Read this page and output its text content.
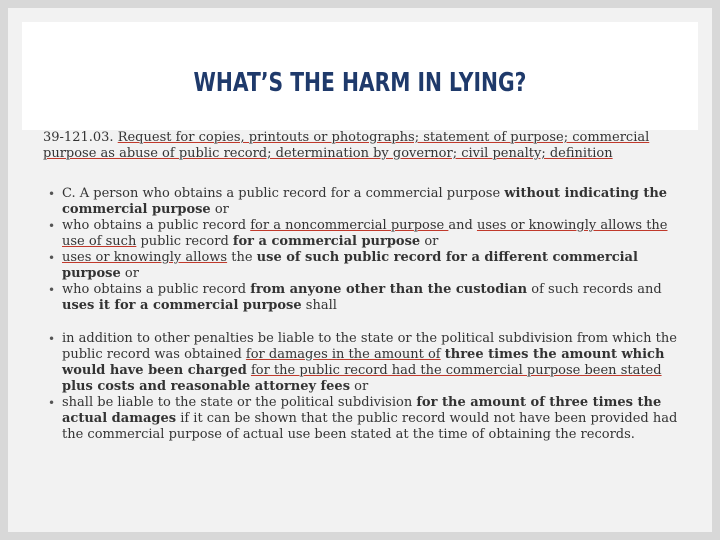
WHAT’S THE HARM IN LYING?
39-121.03. Request for copies, printouts or photographs; statement of purpose; commercial purpose as abuse of public record; determination by governor; civil penalty; definition
• C. A person who obtains a public record for a commercial purpose without indicating the commercial purpose or
• who obtains a public record for a noncommercial purpose and uses or knowingly allows the use of such public record for a commercial purpose or
• uses or knowingly allows the use of such public record for a different commercial purpose or
• who obtains a public record from anyone other than the custodian of such records and uses it for a commercial purpose shall
• in addition to other penalties be liable to the state or the political subdivision from which the public record was obtained for damages in the amount of three times the amount which would have been charged for the public record had the commercial purpose been stated plus costs and reasonable attorney fees or
• shall be liable to the state or the political subdivision for the amount of three times the actual damages if it can be shown that the public record would not have been provided had the commercial purpose of actual use been stated at the time of obtaining the records.
